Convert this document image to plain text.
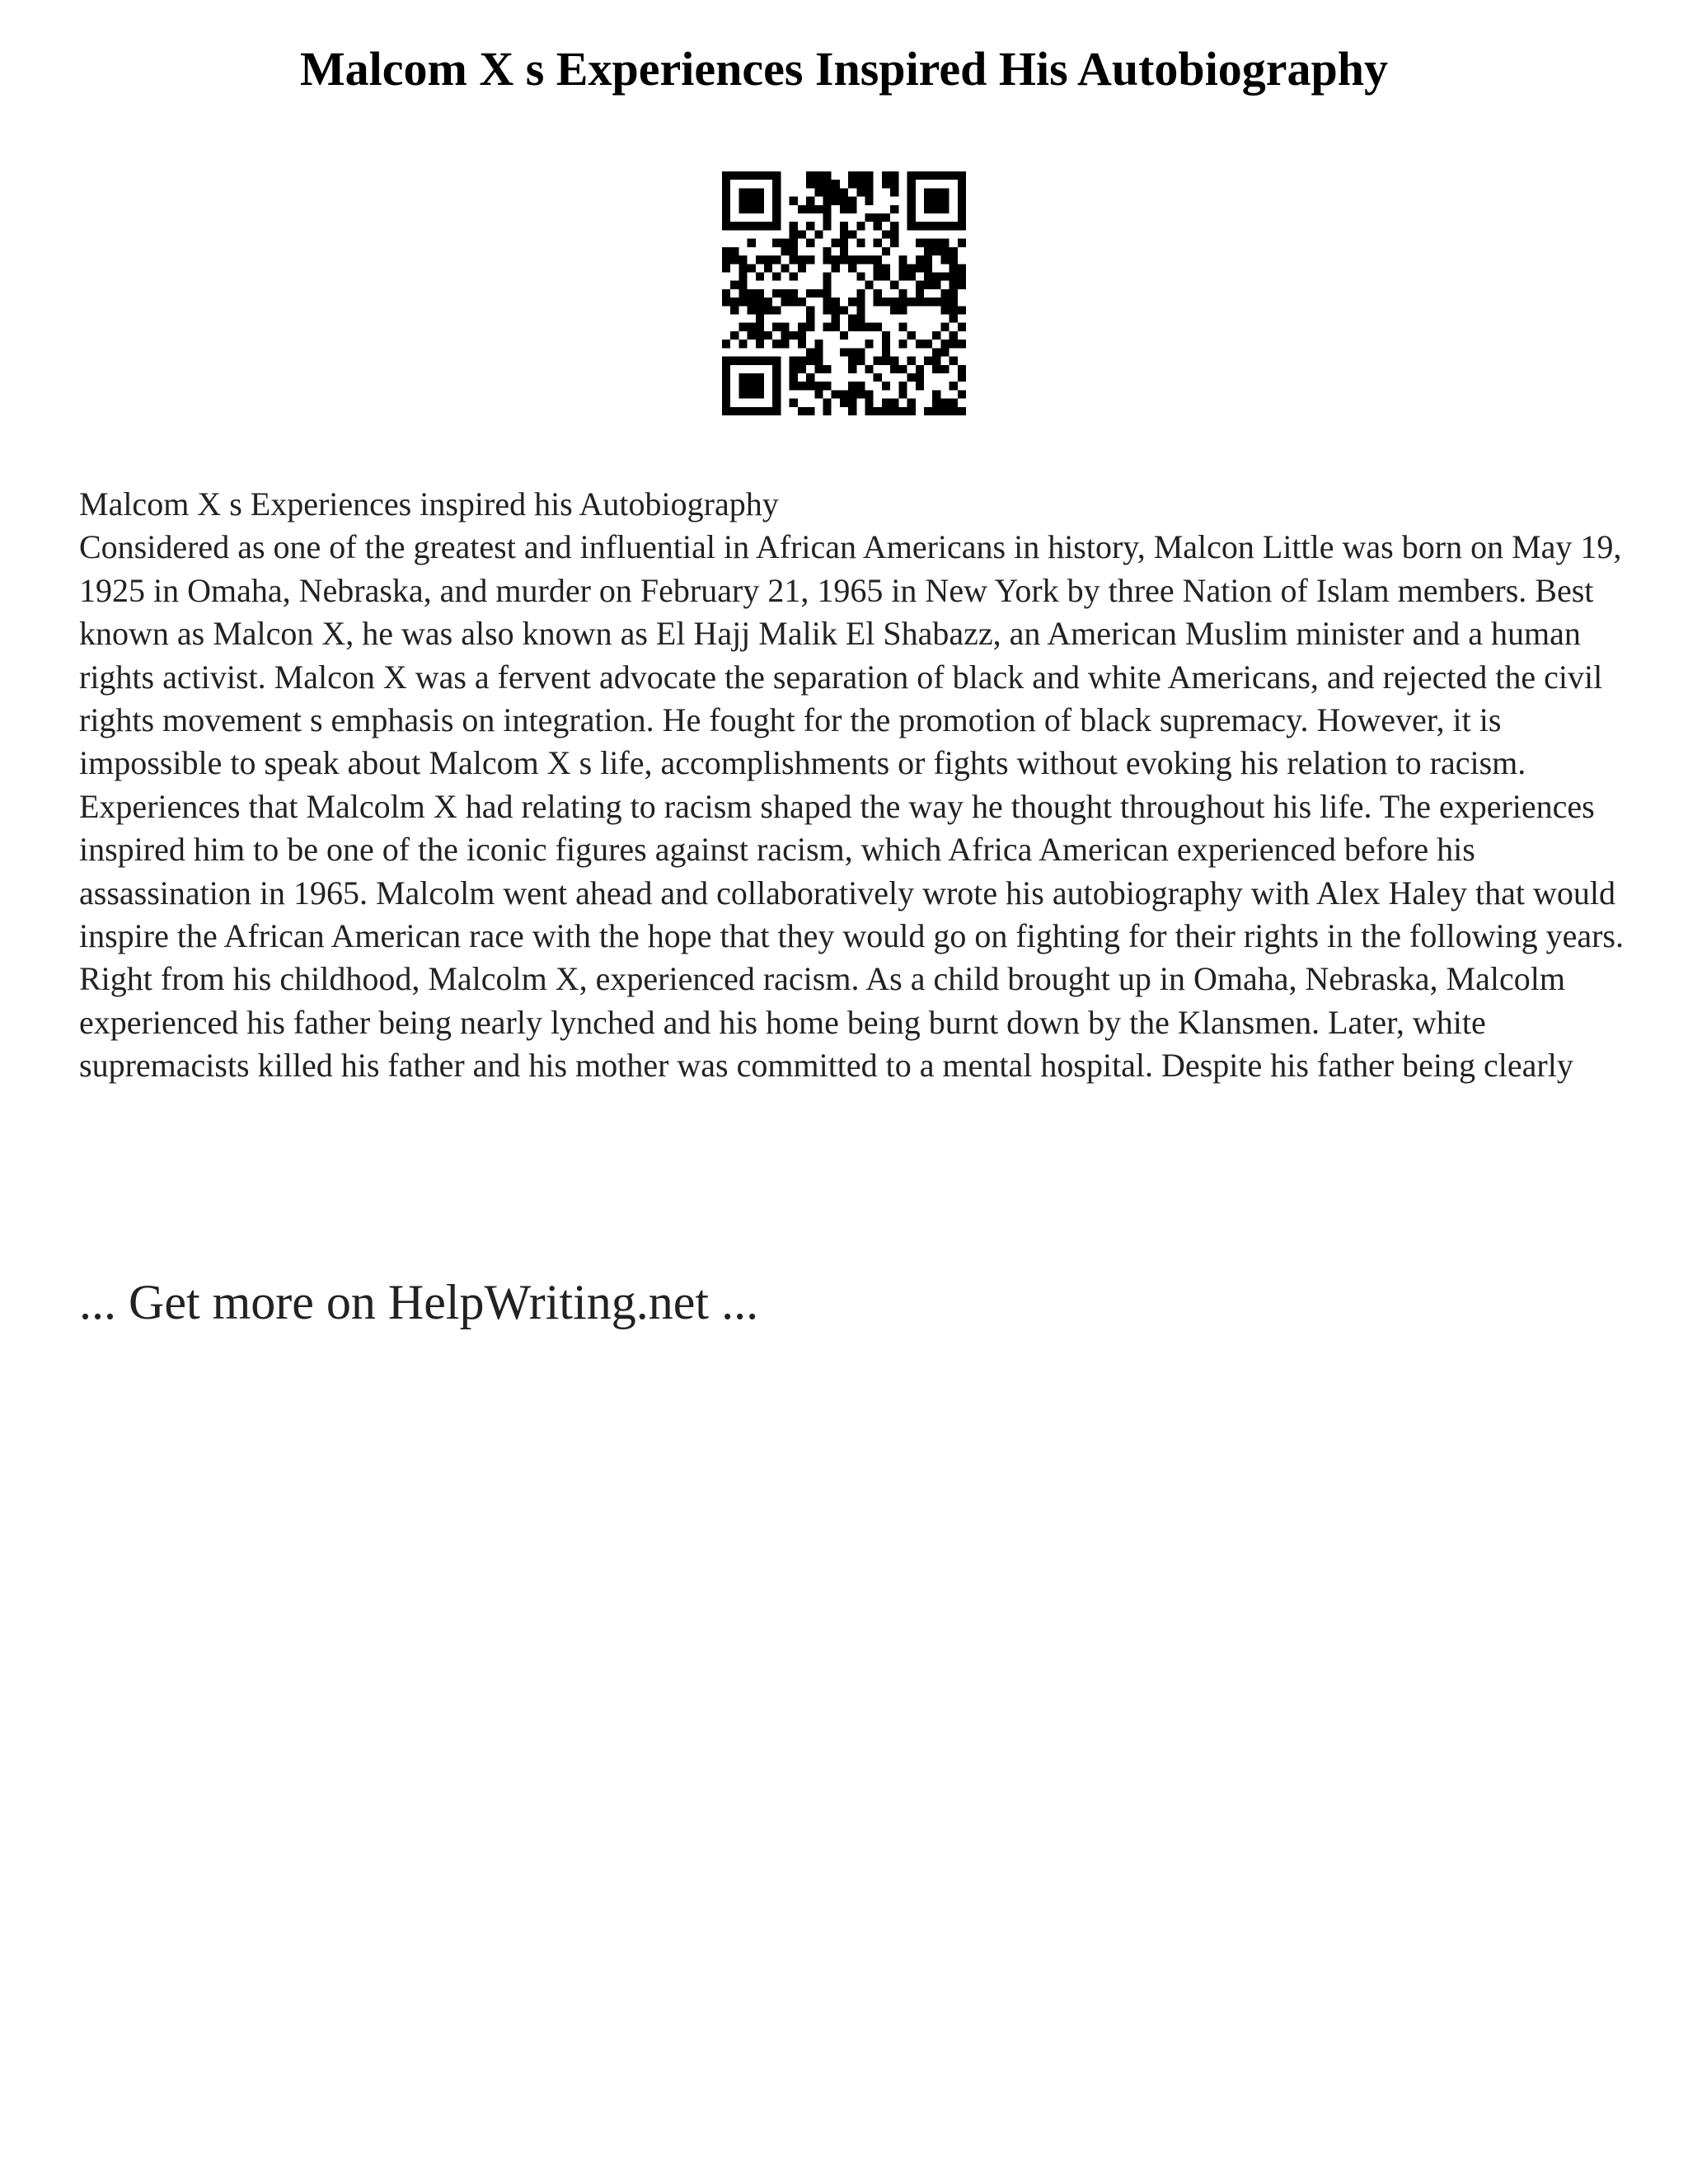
Malcom X s Experiences Inspired His Autobiography

Malcom X s Experiences inspired his Autobiography

Considered as one of the greatest and influential in African Americans in history, Malcon Little was born on May 19, 1925 in Omaha, Nebraska, and murder on February 21, 1965 in New York by three Nation of Islam members. Best known as Malcon X, he was also known as El Hajj Malik El Shabazz, an American Muslim minister and a human rights activist. Malcon X was a fervent advocate the separation of black and white Americans, and rejected the civil rights movement s emphasis on integration. He fought for the promotion of black supremacy. However, it is impossible to speak about Malcom X s life, accomplishments or fights without evoking his relation to racism. Experiences that Malcolm X had relating to racism shaped the way he thought throughout his life. The experiences inspired him to be one of the iconic figures against racism, which Africa American experienced before his assassination in 1965. Malcolm went ahead and collaboratively wrote his autobiography with Alex Haley that would inspire the African American race with the hope that they would go on fighting for their rights in the following years.

Right from his childhood, Malcolm X, experienced racism. As a child brought up in Omaha, Nebraska, Malcolm experienced his father being nearly lynched and his home being burnt down by the Klansmen. Later, white supremacists killed his father and his mother was committed to a mental hospital. Despite his father being clearly

... Get more on HelpWriting.net ...
